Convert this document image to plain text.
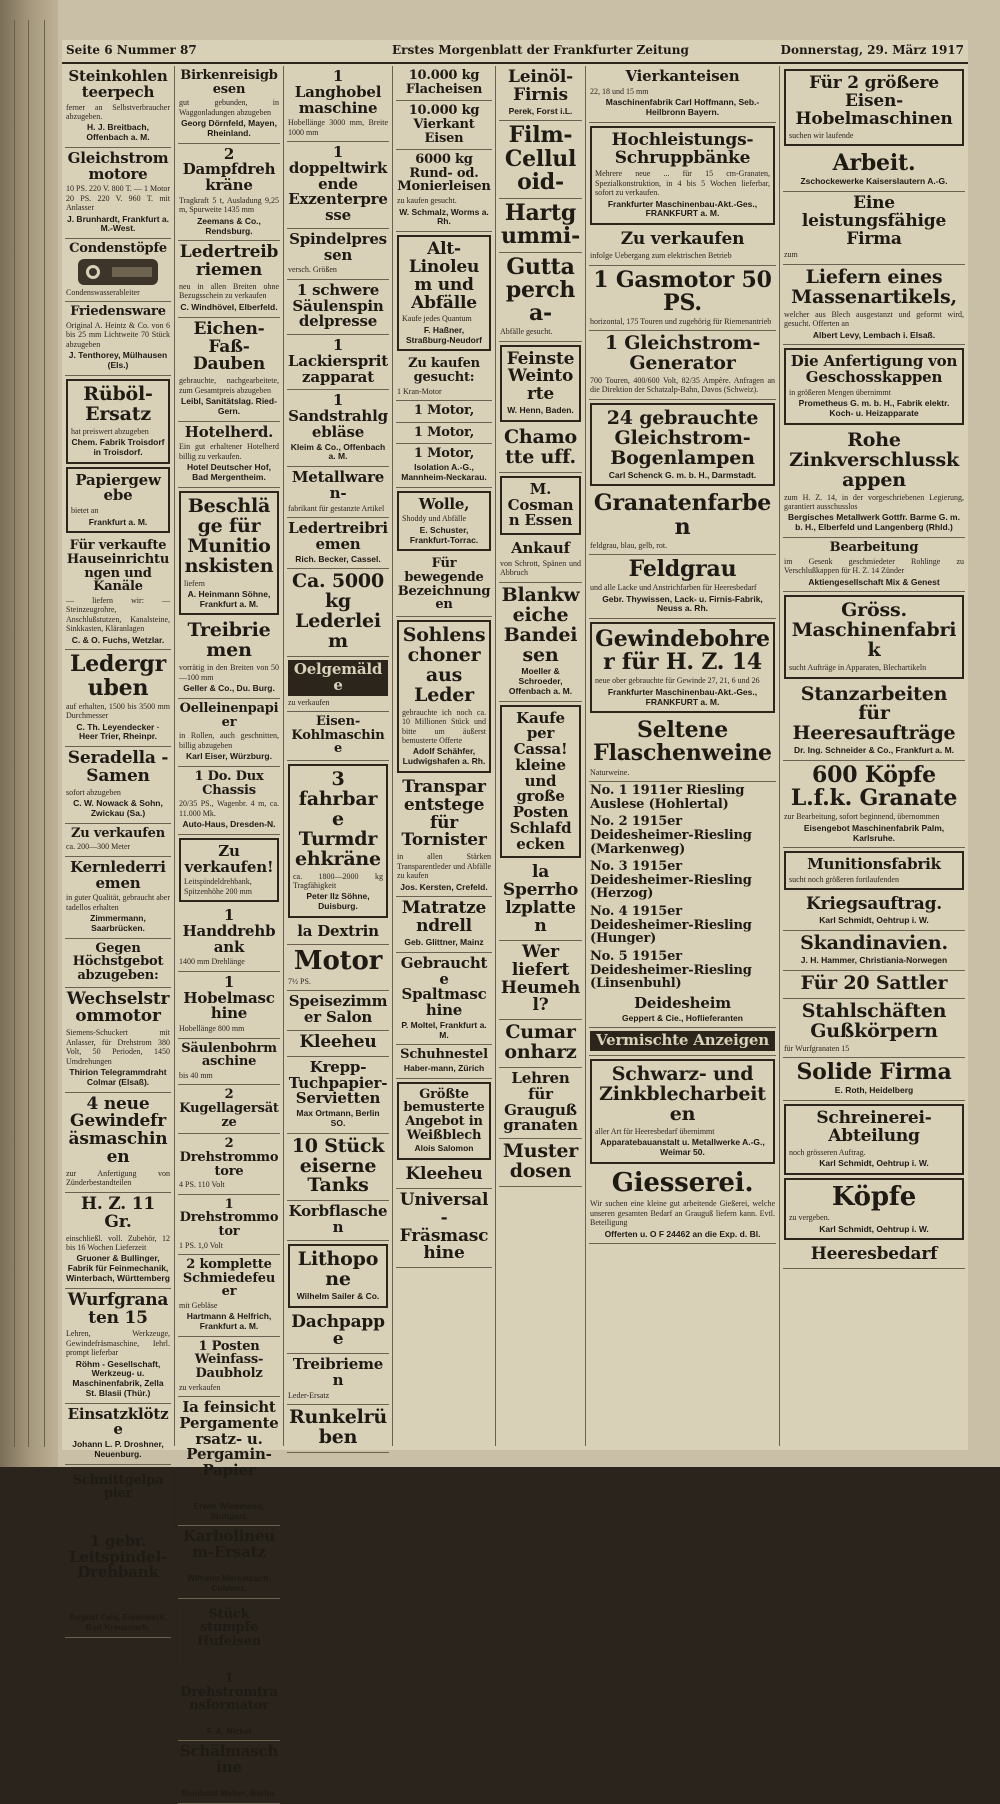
Seite 6 Nummer 87	Erstes Morgenblatt der Frankfurter Zeitung	Donnerstag, 29. März 1917
Steinkohlenteerpech
ferner an Selbstverbraucher abzugeben.
H. J. Breitbach, Offenbach a. M.
Gleichstrommotore
10 PS. 220 V. 800 T. — 1 Motor 20 PS. 220 V. 960 T. mit Anlasser
J. Brunhardt, Frankfurt a. M.-West.
Condenstöpfe
Condenswasserableiter
Friedensware
Original A. Heintz & Co. von 6 bis 25 mm Lichtweite 70 Stück abzugeben
J. Tenthorey, Mülhausen (Els.)
Rüböl-Ersatz
hat preiswert abzugeben
Chem. Fabrik Troisdorf in Troisdorf.
Papiergewebe
bietet an
Frankfurt a. M.
Für verkaufte Hauseinrichtungen und Kanäle
— liefern wir: — Steinzeugrohre, Anschlußstutzen, Kanalsteine, Sinkkasten, Kläranlagen
C. & O. Fuchs, Wetzlar.
Ledergruben
auf erhalten, 1500 bis 3500 mm Durchmesser
C. Th. Leyendecker · Heer Trier, Rheinpr.
Seradella - Samen
sofort abzugeben
C. W. Nowack & Sohn, Zwickau (Sa.)
Zu verkaufen
ca. 200—300 Meter
Kernlederriemen
in guter Qualität, gebraucht aber tadellos erhalten
Zimmermann, Saarbrücken.
Gegen Höchstgebot abzugeben:
Wechselstrommotor
Siemens-Schuckert mit Anlasser, für Drehstrom 380 Volt, 50 Perioden, 1450 Umdrehungen
Thirion Telegrammdraht Colmar (Elsaß).
4 neue Gewindefräsmaschinen
zur Anfertigung von Zünderbestandteilen
H. Z. 11 Gr.
einschließl. voll. Zubehör, 12 bis 16 Wochen Lieferzeit
Gruoner & Bullinger, Fabrik für Feinmechanik, Winterbach, Württemberg
Wurfgranaten 15
Lehren, Werkzeuge, Gewindefräsmaschine, Iehrl. prompt lieferbar
Röhm - Gesellschaft, Werkzeug- u. Maschinenfabrik, Zella St. Blasii (Thür.)
Einsatzklötze
Johann L. P. Droshner, Neuenburg.
Schnittgelpapier
Anbiete: Schnittgelpapier ist noch zu verwenden
1 gebr. Leitspindel-Drehbank
mit Drehlänge 3 m, Spitzenhöhe 300 mm, sofort billig zu verkaufen
August Fels, Eisenwerk, Bad Kreuznach.
Birkenreisigbesen
gut gebunden, in Waggonladungen abzugeben
Georg Dörnfeld, Mayen, Rheinland.
2 Dampfdrehkräne
Tragkraft 5 t, Ausladung 9,25 m, Spurweite 1435 mm
Zeemans & Co., Rendsburg.
Ledertreibriemen
neu in allen Breiten ohne Bezugsschein zu verkaufen
C. Windhövel, Elberfeld.
Eichen-Faß-Dauben
gebrauchte, nachgearbeitete, zum Gesamtpreis abzugeben
Leibl, Sanitätslag. Ried-Gern.
Hotelherd.
Ein gut erhaltener Hotelherd billig zu verkaufen.
Hotel Deutscher Hof, Bad Mergentheim.
Beschläge für Munitionskisten
liefern
A. Heinmann Söhne, Frankfurt a. M.
Treibriemen
vorrätig in den Breiten von 50—100 mm
Geller & Co., Du. Burg.
Oelleinenpapier
in Rollen, auch geschnitten, billig abzugeben
Karl Eiser, Würzburg.
1 Do. Dux Chassis
20/35 PS., Wagenbr. 4 m, ca. 11.000 Mk.
Auto-Haus, Dresden-N.
Zu verkaufen!
Leitspindeldrehbank, Spitzenhöhe 200 mm
1 Handdrehbank
1400 mm Drehlänge
1 Hobelmaschine
Hobellänge 800 mm
Säulenbohrmaschine
bis 40 mm
2 Kugellagersätze
2 Drehstrommotore
4 PS. 110 Volt
1 Drehstrommotor
1 PS. 1,0 Volt
2 komplette Schmiedefeuer
mit Gebläse
Hartmann & Helfrich, Frankfurt a. M.
1 Posten Weinfass-Daubholz
zu verkaufen
Ia feinsicht Pergamentersatz- u. Pergamin-Papier
Format 80 : 100 cm, ca. 5000 kg preiswert zu verkaufen
Erwin Wiedmann, Stuttgart.
Karbolineum-Ersatz
wasserlöslich, in Fässern
Wilhelm Merkelbach, Coblenz.
Stück stumpfe Hufeisen
gegen Meistgebot
1 Drehstromtransformator
1 Drehstrommotor 25 PS.
F. A. Nickel
Schälmaschine
Schneidemaschine
Reinhold Weber, Berlin.
1 Langhobelmaschine
Hobellänge 3000 mm, Breite 1000 mm
1 doppeltwirkende Exzenterpresse
Spindelpressen
versch. Größen
1 schwere Säulenspindelpresse
1 Lackierspritzapparat
1 Sandstrahlgebläse
Kleim & Co., Offenbach a. M.
Metallwaren-
fabrikant für gestanzte Artikel
Ledertreibriemen
Rich. Becker, Cassel.
Ca. 5000 kg Lederleim
Oelgemälde
zu verkaufen
Eisen-Kohlmaschine
3 fahrbare Turmdrehkräne
ca. 1800—2000 kg Tragfähigkeit
Peter Ilz Söhne, Duisburg.
la Dextrin
Motor
7½ PS.
Speisezimmer Salon
Kleeheu
Krepp-Tuchpapier-Servietten
Max Ortmann, Berlin SO.
10 Stück eiserne Tanks
Korbflaschen
Lithopone
Wilhelm Sailer & Co.
Dachpappe
Treibriemen
Leder-Ersatz
Runkelrüben
10.000 kg Flacheisen
10.000 kg Vierkant Eisen
6000 kg Rund- od. Monierleisen
zu kaufen gesucht.
W. Schmalz, Worms a. Rh.
Alt-Linoleum und Abfälle
Kaufe jedes Quantum
F. Haßner, Straßburg-Neudorf
Zu kaufen gesucht:
1 Kran-Motor
1 Motor,
1 Motor,
1 Motor,
Isolation A.-G., Mannheim-Neckarau.
Wolle,
Shoddy und Abfälle
E. Schuster, Frankfurt-Torrac.
Für bewegende Bezeichnungen
Sohlenschoner aus Leder
gebrauchte ich noch ca. 10 Millionen Stück und bitte um äußerst bemusterte Offerte
Adolf Schähfer, Ludwigshafen a. Rh.
Transparentstege für Tornister
in allen Stärken Transparentleder und Abfälle zu kaufen
Jos. Kersten, Crefeld.
Matratzendrell
Geb. Glittner, Mainz
Gebrauchte Spaltmaschine
P. Moltel, Frankfurt a. M.
Schuhnestel
Haber-mann, Zürich
Größte bemusterte Angebot in Weißblech
Alois Salomon
Kleeheu
Universal-Fräsmaschine
Leinöl-Firnis
Perek, Forst i.L.
Film-Celluloid-
Hartgummi-
Guttapercha-
Abfälle gesucht.
Feinste Weintorte
W. Henn, Baden.
Chamotte uff.
M. Cosmann Essen
Ankauf
von Schrott, Spänen und Abbruch
Blankweiche Bandeisen
Moeller & Schroeder, Offenbach a. M.
Kaufe per Cassa! kleine und große Posten Schlafdecken
la Sperrholzplatten
Wer liefert Heumehl?
Cumaronharz
Lehren für Graugußgranaten
Musterdosen
Vierkanteisen
22, 18 und 15 mm
Maschinenfabrik Carl Hoffmann, Seb.-Heilbronn Bayern.
Hochleistungs-Schruppbänke
Mehrere neue ... für 15 cm-Granaten, Spezialkonstruktion, in 4 bis 5 Wochen lieferbar, sofort zu verkaufen.
Frankfurter Maschinenbau-Akt.-Ges., FRANKFURT a. M.
Zu verkaufen
infolge Uebergang zum elektrischen Betrieb
1 Gasmotor 50 PS.
horizontal, 175 Touren und zugehörig für Riemenantrieb
1 Gleichstrom-Generator
700 Touren, 400/600 Volt, 82/35 Ampère. Anfragen an die Direktion der Schatzalp-Bahn, Davos (Schweiz).
24 gebrauchte Gleichstrom-Bogenlampen
Carl Schenck G. m. b. H., Darmstadt.
Granatenfarben
feldgrau, blau, gelb, rot.
Feldgrau
und alle Lacke und Anstrichfarben für Heeresbedarf
Gebr. Thywissen, Lack- u. Firnis-Fabrik, Neuss a. Rh.
Gewindebohrer für H. Z. 14
neue ober gebrauchte für Gewinde 27, 21, 6 und 26
Frankfurter Maschinenbau-Akt.-Ges., FRANKFURT a. M.
Seltene Flaschenweine
Naturweine.
No. 1 1911er Riesling Auslese (Hohlertal)
No. 2 1915er Deidesheimer-Riesling (Markenweg)
No. 3 1915er Deidesheimer-Riesling (Herzog)
No. 4 1915er Deidesheimer-Riesling (Hunger)
No. 5 1915er Deidesheimer-Riesling (Linsenbuhl)
Deidesheim
Geppert & Cie., Hoflieferanten
Vermischte Anzeigen
Schwarz- und Zinkblecharbeiten
aller Art für Heeresbedarf übernimmt
Apparatebauanstalt u. Metallwerke A.-G., Weimar 50.
Giesserei.
Wir suchen eine kleine gut arbeitende Gießerei, welche unseren gesamten Bedarf an Grauguß liefern kann. Evtl. Beteiligung
Offerten u. O F 24462 an die Exp. d. Bl.
Für 2 größere Eisen-Hobelmaschinen
suchen wir laufende
Arbeit.
Zschockewerke Kaiserslautern A.-G.
Eine leistungsfähige Firma
zum
Liefern eines Massenartikels,
welcher aus Blech ausgestanzt und geformt wird, gesucht. Offerten an
Albert Levy, Lembach i. Elsaß.
Die Anfertigung von Geschosskappen
in größeren Mengen übernimmt
Prometheus G. m. b. H., Fabrik elektr. Koch- u. Heizapparate
Rohe Zinkverschlusskappen
zum H. Z. 14, in der vorgeschriebenen Legierung, garantiert ausschusslos
Bergisches Metallwerk Gottfr. Barme G. m. b. H., Elberfeld und Langenberg (Rhld.)
Bearbeitung
im Gesenk geschmiedeter Rohlinge zu Verschlußkappen für H. Z. 14 Zünder
Aktiengesellschaft Mix & Genest
Gröss. Maschinenfabrik
sucht Aufträge in Apparaten, Blechartikeln
Stanzarbeiten für Heeresaufträge
Dr. Ing. Schneider & Co., Frankfurt a. M.
600 Köpfe L.f.k. Granate
zur Bearbeitung, sofort beginnend, übernommen
Eisengebot Maschinenfabrik Palm, Karlsruhe.
Munitionsfabrik
sucht noch größeren fortlaufenden
Kriegsauftrag.
Karl Schmidt, Oehtrup i. W.
Skandinavien.
J. H. Hammer, Christiania-Norwegen
Für 20 Sattler
Stahlschäften Gußkörpern
für Wurfgranaten 15
Solide Firma
E. Roth, Heidelberg
Schreinerei-Abteilung
noch grösseren Auftrag.
Karl Schmidt, Oehtrup i. W.
Köpfe
zu vergeben.
Karl Schmidt, Oehtrup i. W.
Heeresbedarf
